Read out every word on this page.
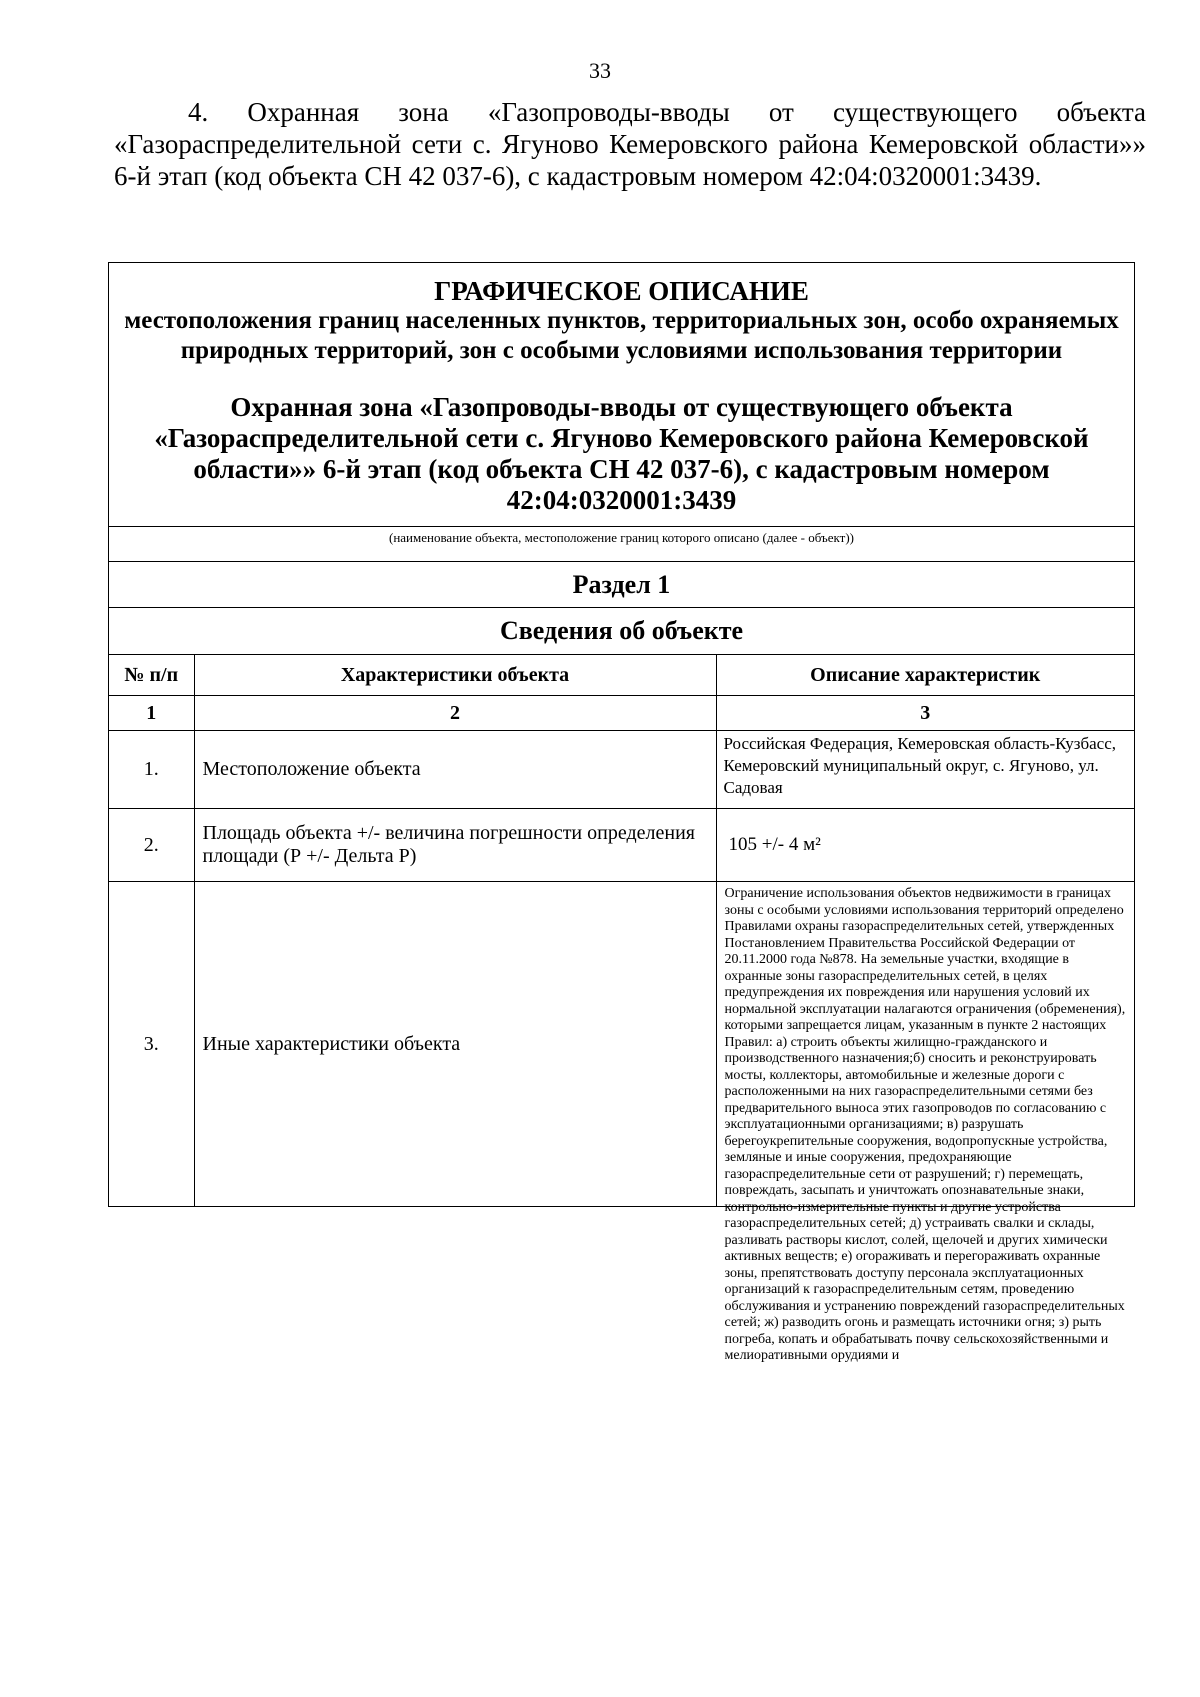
33
4. Охранная зона «Газопроводы-вводы от существующего объекта «Газораспределительной сети с. Ягуново Кемеровского района Кемеровской области»» 6-й этап (код объекта СН 42 037-6), с кадастровым номером 42:04:0320001:3439.
ГРАФИЧЕСКОЕ ОПИСАНИЕ
местоположения границ населенных пунктов, территориальных зон, особо охраняемых природных территорий, зон с особыми условиями использования территории
Охранная зона «Газопроводы-вводы от существующего объекта «Газораспределительной сети с. Ягуново Кемеровского района Кемеровской области»» 6-й этап (код объекта СН 42 037-6), с кадастровым номером 42:04:0320001:3439
(наименование объекта, местоположение границ которого описано (далее - объект))
Раздел 1
Сведения об объекте
№ п/п	Характеристики объекта	Описание характеристик
1	2	3
1.	Местоположение объекта	Российская Федерация, Кемеровская область-Кузбасс, Кемеровский муниципальный округ, с. Ягуново, ул. Садовая
2.	Площадь объекта +/- величина погрешности определения площади (Р +/- Дельта Р)	105 +/- 4 м²
3.	Иные характеристики объекта	Ограничение использования объектов недвижимости в границах зоны с особыми условиями использования территорий определено Правилами охраны газораспределительных сетей, утвержденных Постановлением Правительства Российской Федерации от 20.11.2000 года №878. На земельные участки, входящие в охранные зоны газораспределительных сетей, в целях предупреждения их повреждения или нарушения условий их нормальной эксплуатации налагаются ограничения (обременения), которыми запрещается лицам, указанным в пункте 2 настоящих Правил: а) строить объекты жилищно-гражданского и производственного назначения;б) сносить и реконструировать мосты, коллекторы, автомобильные и железные дороги с расположенными на них газораспределительными сетями без предварительного выноса этих газопроводов по согласованию с эксплуатационными организациями; в) разрушать берегоукрепительные сооружения, водопропускные устройства, земляные и иные сооружения, предохраняющие газораспределительные сети от разрушений; г) перемещать, повреждать, засыпать и уничтожать опознавательные знаки, контрольно-измерительные пункты и другие устройства газораспределительных сетей; д) устраивать свалки и склады, разливать растворы кислот, солей, щелочей и других химически активных веществ; е) огораживать и перегораживать охранные зоны, препятствовать доступу персонала эксплуатационных организаций к газораспределительным сетям, проведению обслуживания и устранению повреждений газораспределительных сетей; ж) разводить огонь и размещать источники огня; з) рыть погреба, копать и обрабатывать почву сельскохозяйственными и мелиоративными орудиями и
